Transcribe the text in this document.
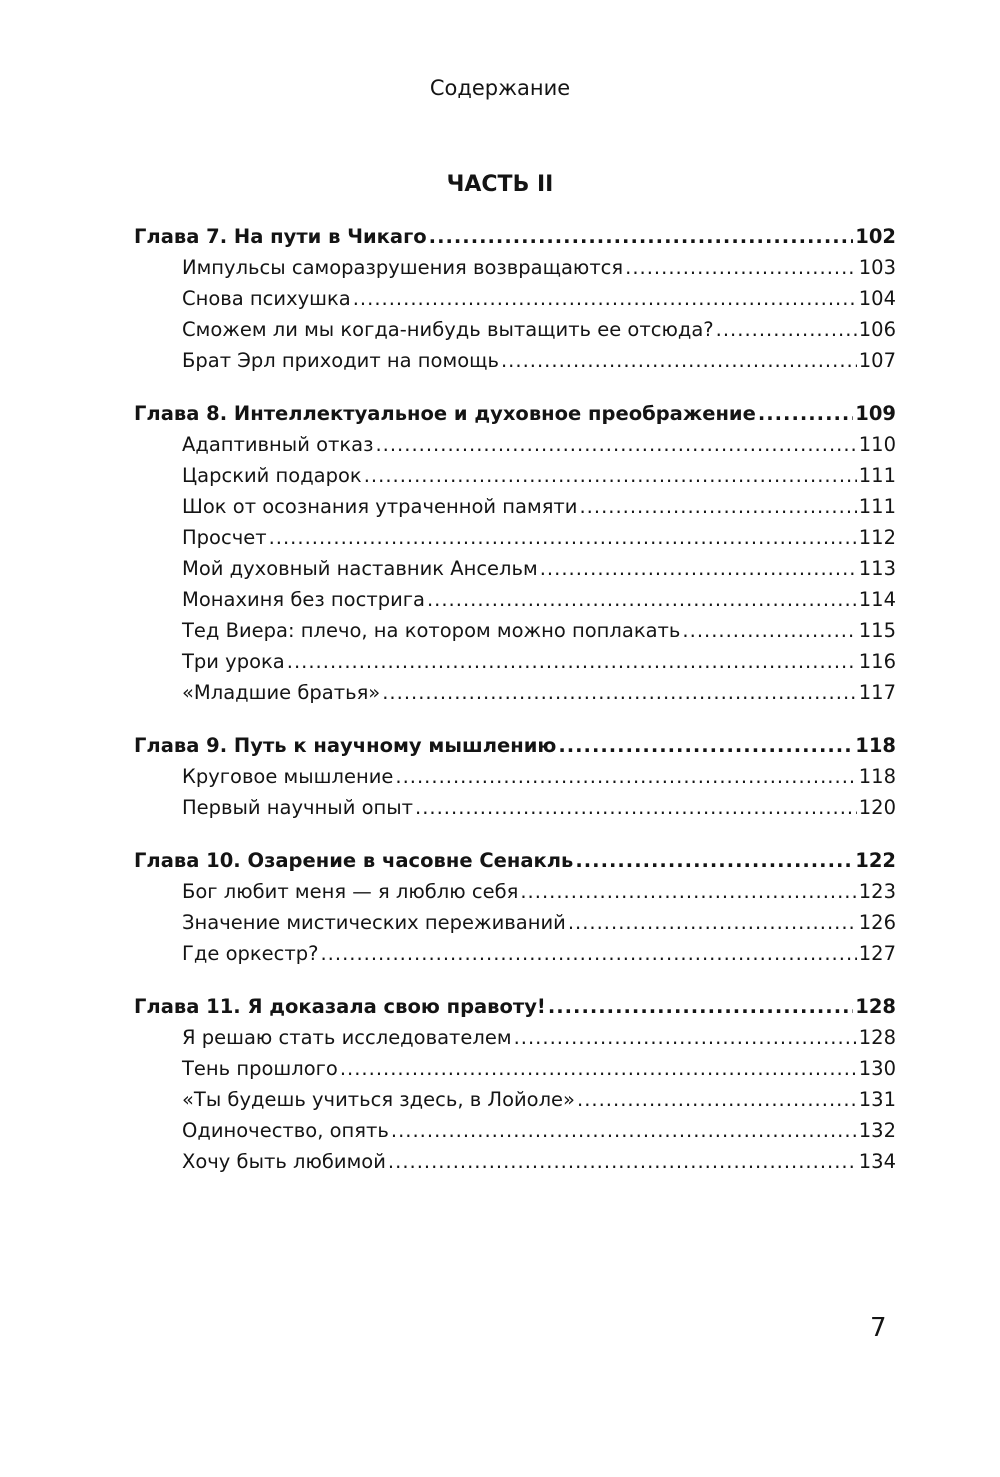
Содержание
ЧАСТЬ II
Глава 7. На пути в Чикаго .....	102
Импульсы саморазрушения возвращаются .....	103
Снова психушка .....	104
Сможем ли мы когда-нибудь вытащить ее отсюда? .....	106
Брат Эрл приходит на помощь .....	107
Глава 8. Интеллектуальное и духовное преображение .....	109
Адаптивный отказ .....	110
Царский подарок .....	111
Шок от осознания утраченной памяти .....	111
Просчет .....	112
Мой духовный наставник Ансельм .....	113
Монахиня без пострига .....	114
Тед Виера: плечо, на котором можно поплакать .....	115
Три урока .....	116
«Младшие братья» .....	117
Глава 9. Путь к научному мышлению .....	118
Круговое мышление .....	118
Первый научный опыт .....	120
Глава 10. Озарение в часовне Сенакль .....	122
Бог любит меня — я люблю себя .....	123
Значение мистических переживаний .....	126
Где оркестр? .....	127
Глава 11. Я доказала свою правоту! .....	128
Я решаю стать исследователем .....	128
Тень прошлого .....	130
«Ты будешь учиться здесь, в Лойоле» .....	131
Одиночество, опять .....	132
Хочу быть любимой .....	134
7
